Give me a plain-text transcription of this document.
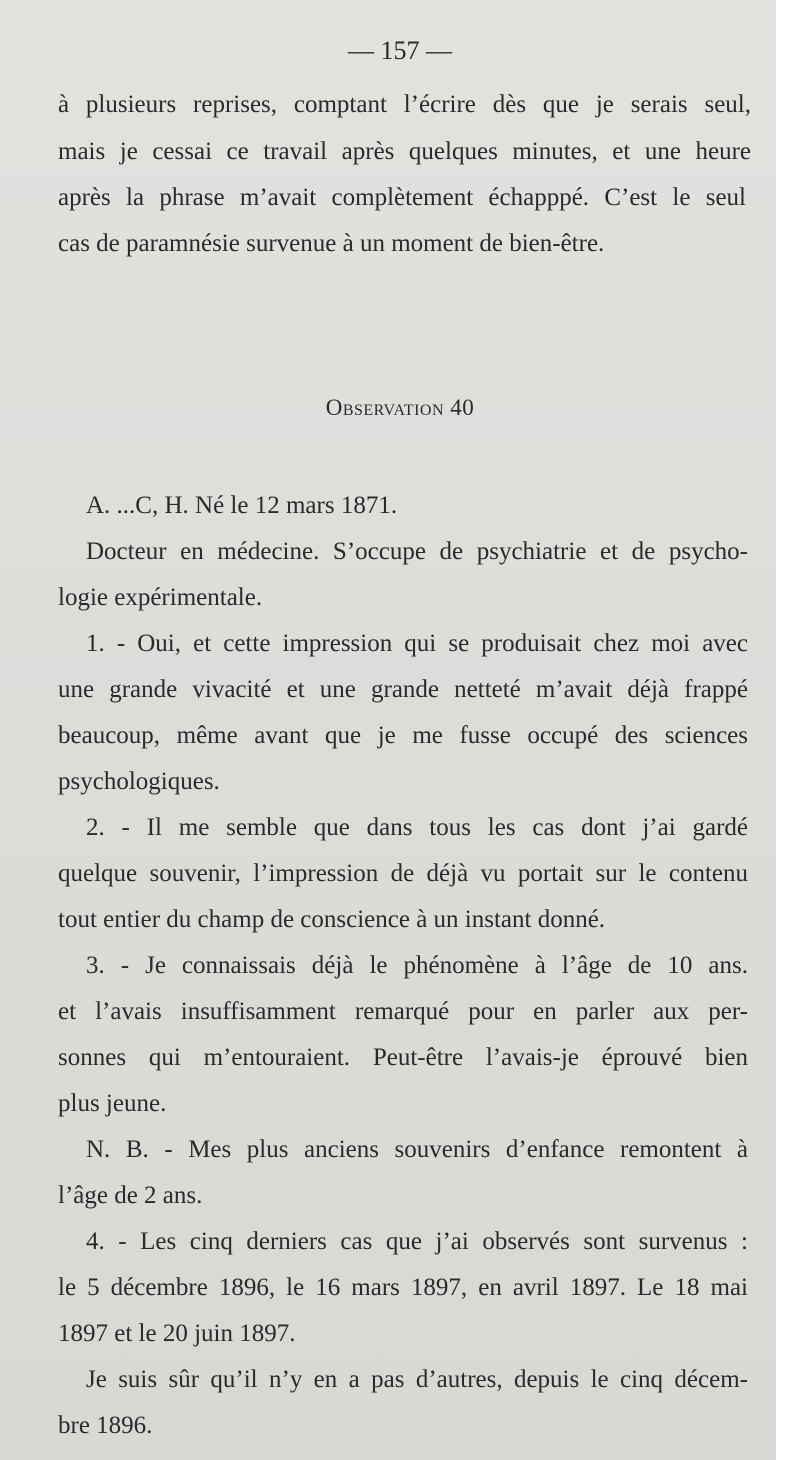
— 157 —
à plusieurs reprises, comptant l’écrire dès que je serais seul,
mais je cessai ce travail après quelques minutes, et une heure
après la phrase m’avait complètement échapppé. C’est le seul
cas de paramnésie survenue à un moment de bien-être.
Observation 40
A. ...C, H. Né le 12 mars 1871.
Docteur en médecine. S’occupe de psychiatrie et de psycho-
logie expérimentale.
1. - Oui, et cette impression qui se produisait chez moi avec
une grande vivacité et une grande netteté m’avait déjà frappé
beaucoup, même avant que je me fusse occupé des sciences
psychologiques.
2. - Il me semble que dans tous les cas dont j’ai gardé
quelque souvenir, l’impression de déjà vu portait sur le contenu
tout entier du champ de conscience à un instant donné.
3. - Je connaissais déjà le phénomène à l’âge de 10 ans.
et l’avais insuffisamment remarqué pour en parler aux per-
sonnes qui m’entouraient. Peut-être l’avais-je éprouvé bien
plus jeune.
N. B. - Mes plus anciens souvenirs d’enfance remontent à
l’âge de 2 ans.
4. - Les cinq derniers cas que j’ai observés sont survenus :
le 5 décembre 1896, le 16 mars 1897, en avril 1897. Le 18 mai
1897 et le 20 juin 1897.
Je suis sûr qu’il n’y en a pas d’autres, depuis le cinq décem-
bre 1896.
